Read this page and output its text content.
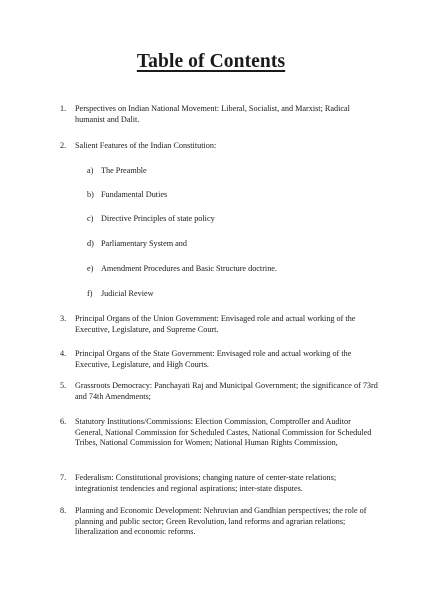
Table of Contents
1.	Perspectives on Indian National Movement: Liberal, Socialist, and Marxist; Radical humanist and Dalit.
2.	Salient Features of the Indian Constitution:
a) The Preamble
b) Fundamental Duties
c) Directive Principles of state policy
d) Parliamentary System and
e) Amendment Procedures and Basic Structure doctrine.
f)	Judicial Review
3.	Principal Organs of the Union Government: Envisaged role and actual working of the Executive, Legislature, and Supreme Court.
4.	Principal Organs of the State Government: Envisaged role and actual working of the Executive, Legislature, and High Courts.
5.	Grassroots Democracy: Panchayati Raj and Municipal Government; the significance of 73rd and 74th Amendments;
6.	Statutory Institutions/Commissions: Election Commission, Comptroller and Auditor General, National Commission for Scheduled Castes, National Commission for Scheduled Tribes, National Commission for Women; National Human Rights Commission,
7.	Federalism: Constitutional provisions; changing nature of center-state relations; integrationist tendencies and regional aspirations; inter-state disputes.
8.	Planning and Economic Development: Nehruvian and Gandhian perspectives; the role of planning and public sector; Green Revolution, land reforms and agrarian relations; liberalization and economic reforms.
